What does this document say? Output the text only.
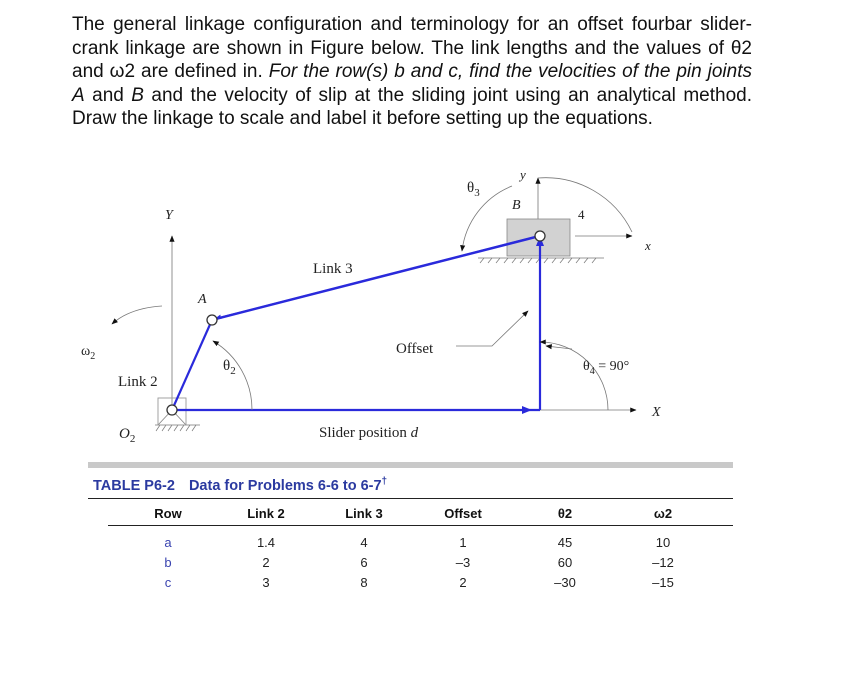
The general linkage configuration and terminology for an offset fourbar slider-crank linkage are shown in Figure below. The link lengths and the values of θ2 and ω2 are defined in. For the row(s) b and c, find the velocities of the pin joints A and B and the velocity of slip at the sliding joint using an analytical method. Draw the linkage to scale and label it before setting up the equations.

Y
A
Link 3
$\theta_3$
y
B
4
x
$\omega_2$
Link 2
$\theta_2$
Offset
$\theta_4 = 90^\circ$
X
$O_2$	Slider position d
TABLE P6-2 Data for Problems 6-6 to 6-7†
Row	Link 2	Link 3	Offset	θ2	ω2
a	1.4	4	1	45	10
b	2	6	–3	60	–12
c	3	8	2	–30	–15
